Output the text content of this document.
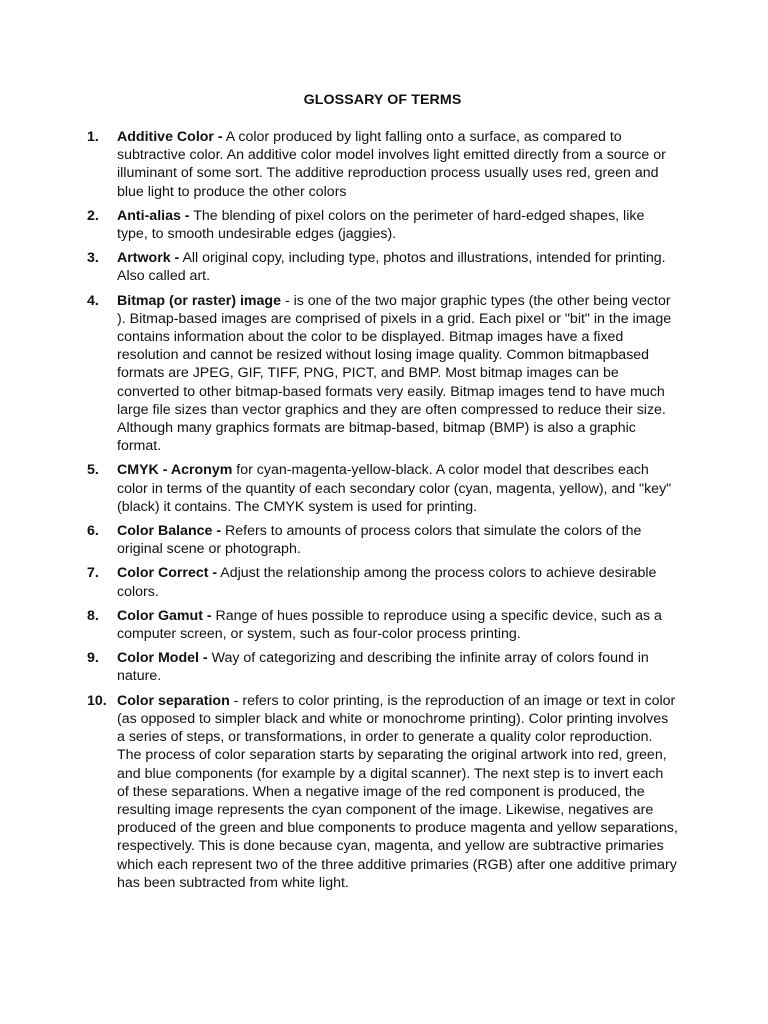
GLOSSARY OF TERMS
1. Additive Color - A color produced by light falling onto a surface, as compared to subtractive color. An additive color model involves light emitted directly from a source or illuminant of some sort. The additive reproduction process usually uses red, green and blue light to produce the other colors
2. Anti-alias - The blending of pixel colors on the perimeter of hard-edged shapes, like type, to smooth undesirable edges (jaggies).
3. Artwork - All original copy, including type, photos and illustrations, intended for printing. Also called art.
4. Bitmap (or raster) image - is one of the two major graphic types (the other being vector ). Bitmap-based images are comprised of pixels in a grid. Each pixel or "bit" in the image contains information about the color to be displayed. Bitmap images have a fixed resolution and cannot be resized without losing image quality. Common bitmapbased formats are JPEG, GIF, TIFF, PNG, PICT, and BMP. Most bitmap images can be converted to other bitmap-based formats very easily. Bitmap images tend to have much large file sizes than vector graphics and they are often compressed to reduce their size. Although many graphics formats are bitmap-based, bitmap (BMP) is also a graphic format.
5. CMYK - Acronym for cyan-magenta-yellow-black. A color model that describes each color in terms of the quantity of each secondary color (cyan, magenta, yellow), and "key" (black) it contains. The CMYK system is used for printing.
6. Color Balance - Refers to amounts of process colors that simulate the colors of the original scene or photograph.
7. Color Correct - Adjust the relationship among the process colors to achieve desirable colors.
8. Color Gamut - Range of hues possible to reproduce using a specific device, such as a computer screen, or system, such as four-color process printing.
9. Color Model - Way of categorizing and describing the infinite array of colors found in nature.
10. Color separation - refers to color printing, is the reproduction of an image or text in color (as opposed to simpler black and white or monochrome printing). Color printing involves a series of steps, or transformations, in order to generate a quality color reproduction. The process of color separation starts by separating the original artwork into red, green, and blue components (for example by a digital scanner). The next step is to invert each of these separations. When a negative image of the red component is produced, the resulting image represents the cyan component of the image. Likewise, negatives are produced of the green and blue components to produce magenta and yellow separations, respectively. This is done because cyan, magenta, and yellow are subtractive primaries which each represent two of the three additive primaries (RGB) after one additive primary has been subtracted from white light.
